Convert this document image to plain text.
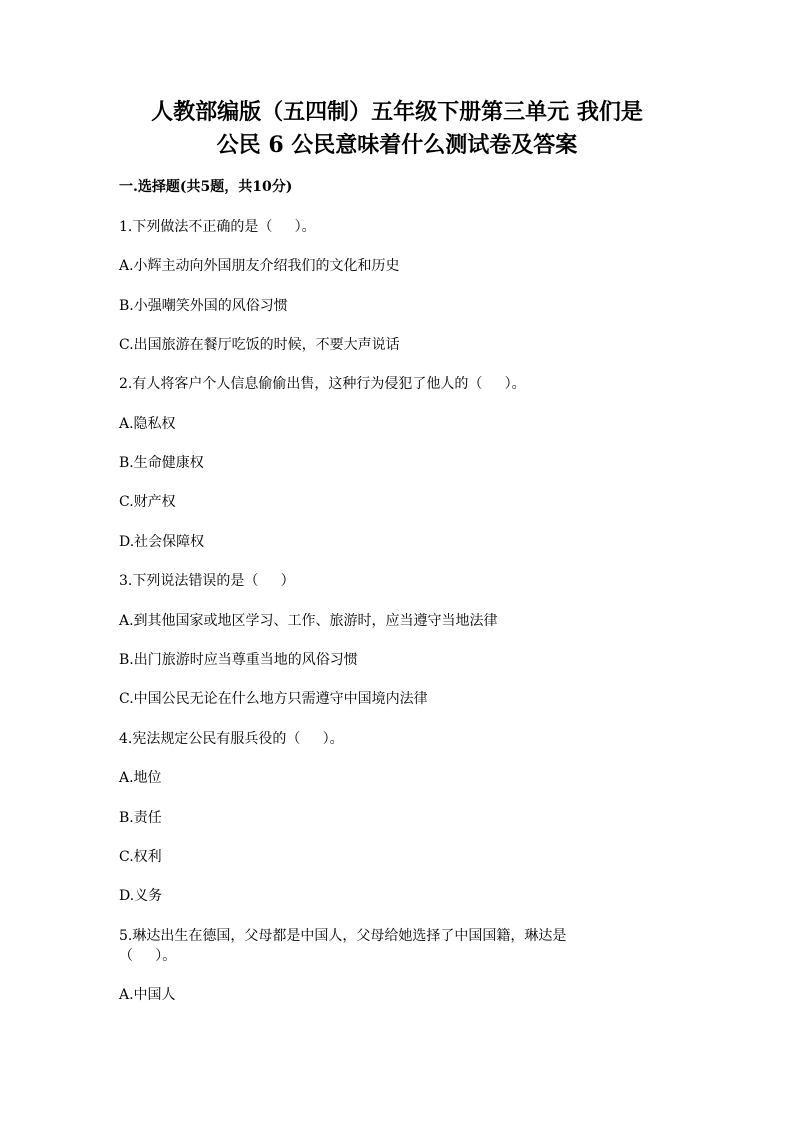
人教部编版（五四制）五年级下册第三单元 我们是
公民 6 公民意味着什么测试卷及答案
一.选择题(共5题，共10分)
1.下列做法不正确的是（     ）。
A.小辉主动向外国朋友介绍我们的文化和历史
B.小强嘲笑外国的风俗习惯
C.出国旅游在餐厅吃饭的时候，不要大声说话
2.有人将客户个人信息偷偷出售，这种行为侵犯了他人的（     ）。
A.隐私权
B.生命健康权
C.财产权
D.社会保障权
3.下列说法错误的是（     ）
A.到其他国家或地区学习、工作、旅游时，应当遵守当地法律
B.出门旅游时应当尊重当地的风俗习惯
C.中国公民无论在什么地方只需遵守中国境内法律
4.宪法规定公民有服兵役的（     ）。
A.地位
B.责任
C.权利
D.义务
5.琳达出生在德国，父母都是中国人，父母给她选择了中国国籍，琳达是
（     ）。
A.中国人
